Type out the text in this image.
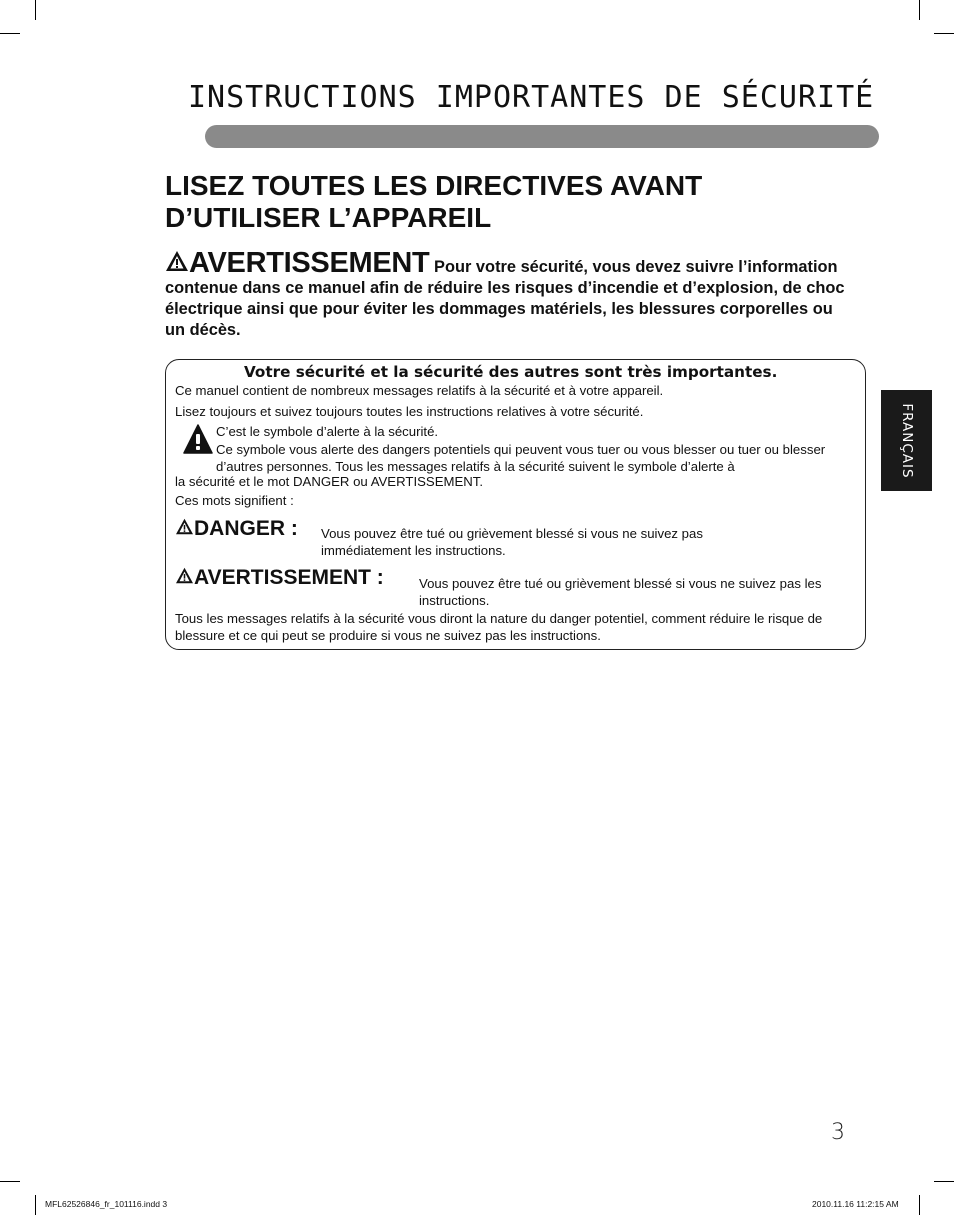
INSTRUCTIONS IMPORTANTES DE SÉCURITÉ
LISEZ TOUTES LES DIRECTIVES AVANT
D’UTILISER L’APPAREIL
AVERTISSEMENT Pour votre sécurité, vous devez suivre l’information contenue dans ce manuel afin de réduire les risques d’incendie et d’explosion, de choc électrique ainsi que pour éviter les dommages matériels, les blessures corporelles ou un décès.
Votre sécurité et la sécurité des autres sont très importantes.
Ce manuel contient de nombreux messages relatifs à la sécurité et à votre appareil.
Lisez toujours et suivez toujours toutes les instructions relatives à votre sécurité.
C’est le symbole d’alerte à la sécurité.
Ce symbole vous alerte des dangers potentiels qui peuvent vous tuer ou vous blesser ou tuer ou blesser d’autres personnes. Tous les messages relatifs à la sécurité suivent le symbole d’alerte à
la sécurité et le mot DANGER ou AVERTISSEMENT.
Ces mots signifient :
DANGER : Vous pouvez être tué ou grièvement blessé si vous ne suivez pas immédiatement les instructions.
AVERTISSEMENT :	Vous pouvez être tué ou grièvement blessé si vous ne suivez pas les instructions.
Tous les messages relatifs à la sécurité vous diront la nature du danger potentiel, comment réduire le risque de blessure et ce qui peut se produire si vous ne suivez pas les instructions.
FRANÇAIS
3
MFL62526846_fr_101116.indd 3	2010.11.16 11:2:15 AM
